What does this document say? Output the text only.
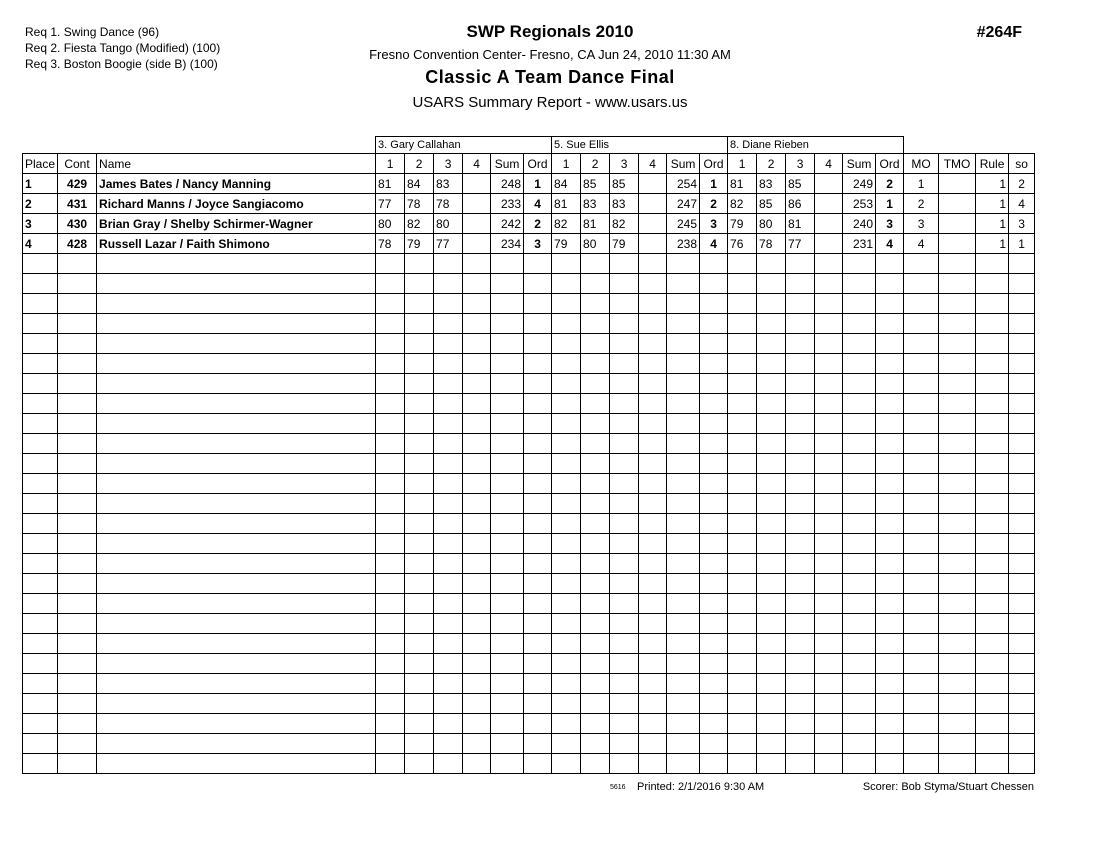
Req 1. Swing Dance (96)
Req 2. Fiesta Tango (Modified) (100)
Req 3. Boston Boogie (side B) (100)
SWP Regionals 2010
Fresno Convention Center- Fresno, CA Jun 24, 2010 11:30 AM
Classic A Team Dance Final
USARS Summary Report - www.usars.us
#264F
			3. Gary Callahan						5. Sue Ellis						8. Diane Rieben									
Place	Cont	Name	1	2	3	4	Sum	Ord	1	2	3	4	Sum	Ord	1	2	3	4	Sum	Ord	MO	TMO	Rule	so
1	429	James Bates / Nancy Manning	81	84	83		248	1	84	85	85		254	1	81	83	85		249	2	1		1	2
2	431	Richard Manns / Joyce Sangiacomo	77	78	78		233	4	81	83	83		247	2	82	85	86		253	1	2		1	4
3	430	Brian Gray / Shelby Schirmer-Wagner	80	82	80		242	2	82	81	82		245	3	79	80	81		240	3	3		1	3
4	428	Russell Lazar / Faith Shimono	78	79	77		234	3	79	80	79		238	4	76	78	77		231	4	4		1	1

5616 Printed: 2/1/2016 9:30 AM	Scorer: Bob Styma/Stuart Chessen
